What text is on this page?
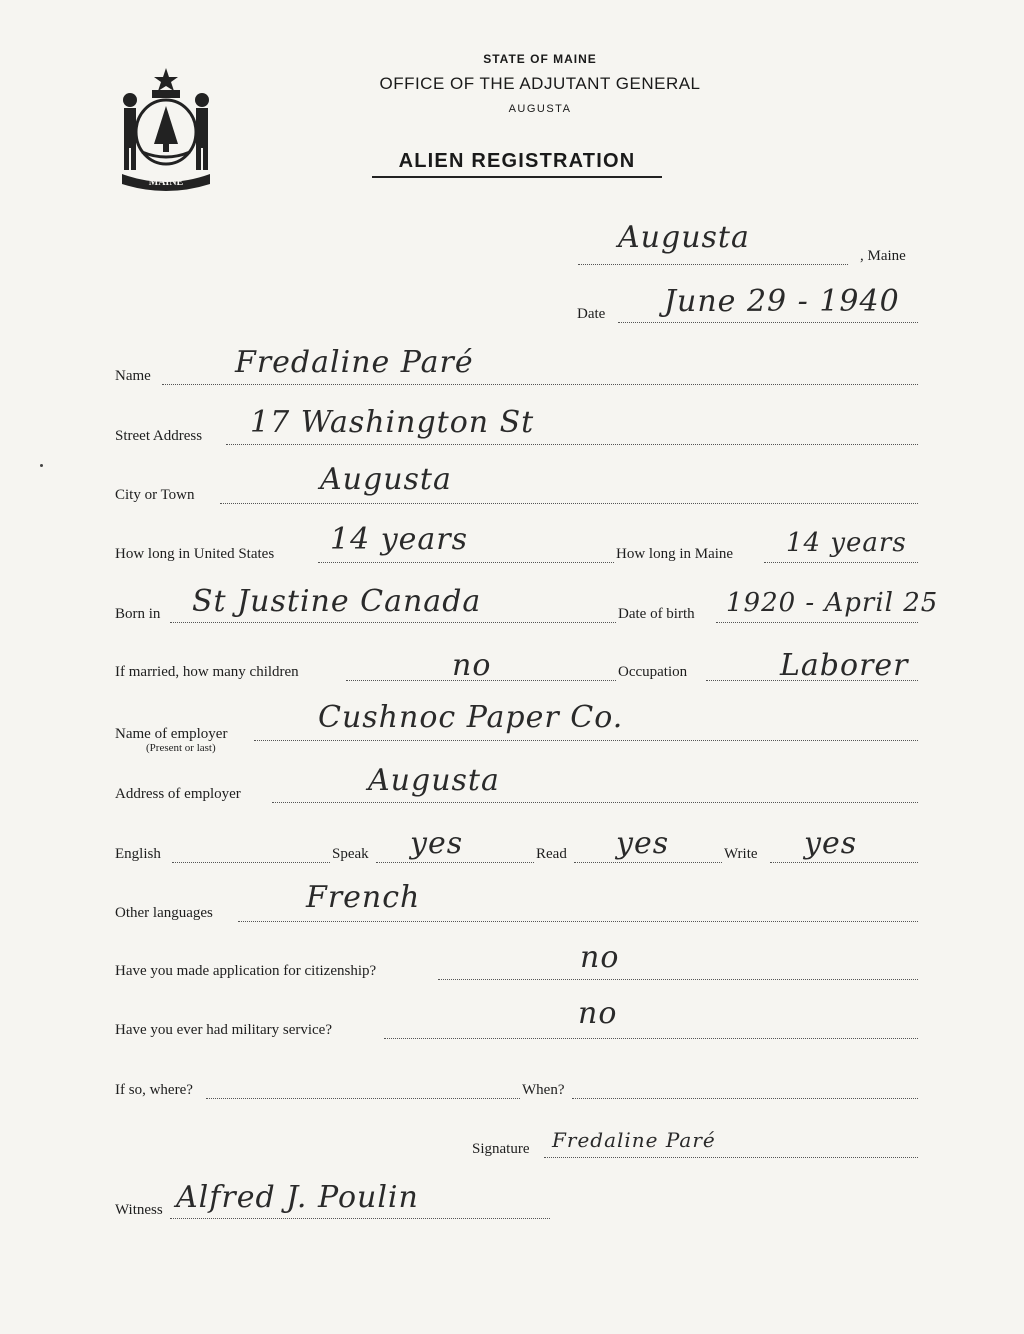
MAINE
STATE OF MAINE
OFFICE OF THE ADJUTANT GENERAL
AUGUSTA
ALIEN REGISTRATION
Augusta
, Maine
Date June 29 - 1940
Name	Fredaline Paré
Street Address 17 Washington St
City or Town	Augusta
How long in United States 14 years	How long in Maine 14 years
Born in St Justine Canada	Date of birth 1920 - April 25
If married, how many children	no	Occupation	Laborer
Name of employer
(Present or last)
Cushnoc Paper Co.
Address of employer	Augusta
English	Speak yes	Read yes	Write yes
Other languages	French
Have you made application for citizenship?	no
Have you ever had military service?	no
If so, where?	When?
Signature Fredaline Paré
Witness Alfred J. Poulin
